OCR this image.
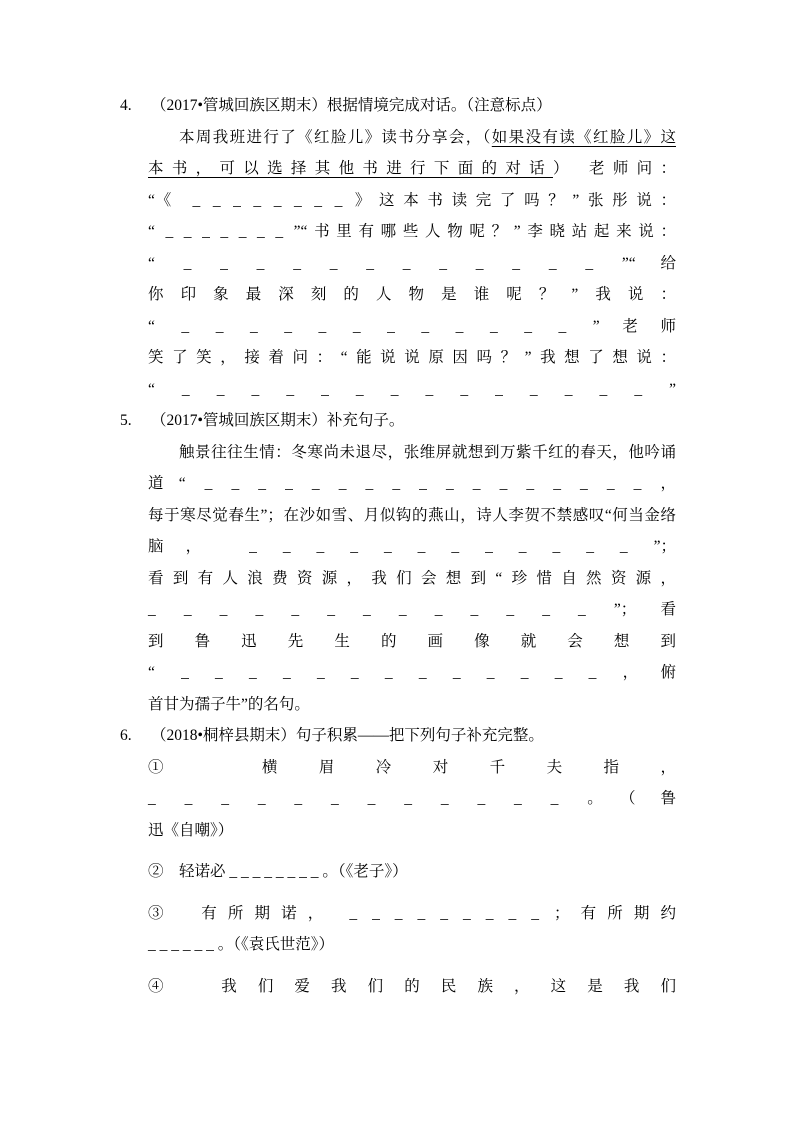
4.	（2017•管城回族区期末）根据情境完成对话。（注意标点）
本周我班进行了《红脸儿》读书分享会，（如果没有读《红脸儿》这
本书，可以选择其他书进行下面的对话） 老师问：
“《 _ _ _ _ _ _ _ _ 》这本书读完了吗？”张彤说：
“ _ _ _ _ _ _ _ ”“书里有哪些人物呢？”李晓站起来说：
“ _ _ _ _ _ _ _ _ _ _ _ _ ”“给
你印象最深刻的人物是谁呢？”我说：
“ _ _ _ _ _ _ _ _ _ _ _ _ ”老师
笑了笑，接着问：“能说说原因吗？”我想了想说：
“ _ _ _ _ _ _ _ _ _ _ _ _ _ _ ”
5.	（2017•管城回族区期末）补充句子。
触景往往生情：冬寒尚未退尽，张维屏就想到万紫千红的春天，他吟诵
道“ _ _ _ _ _ _ _ _ _ _ _ _ _ _ _ _ _ ，
每于寒尽觉春生”；在沙如雪、月似钩的燕山，诗人李贺不禁感叹“何当金络
脑， _ _ _ _ _ _ _ _ _ _ _ _ ”；
看到有人浪费资源，我们会想到“珍惜自然资源，
_ _ _ _ _ _ _ _ _ _ _ _ _ ”；看
到鲁迅先生的画像就会想到
“ _ _ _ _ _ _ _ _ _ _ _ _ _ ，俯
首甘为孺子牛”的名句。
6.	（2018•桐梓县期末）句子积累——把下列句子补充完整。
①　横眉冷对千夫指，
_ _ _ _ _ _ _ _ _ _ _ _ 。（鲁
迅《自嘲》）
②　轻诺必 _ _ _ _ _ _ _ _ 。（《老子》）
③　有所期诺， _ _ _ _ _ _ _ _ _ ；有所期约
_ _ _ _ _ _ 。（《袁氏世范》）
④　我们爱我们的民族，这是我们
